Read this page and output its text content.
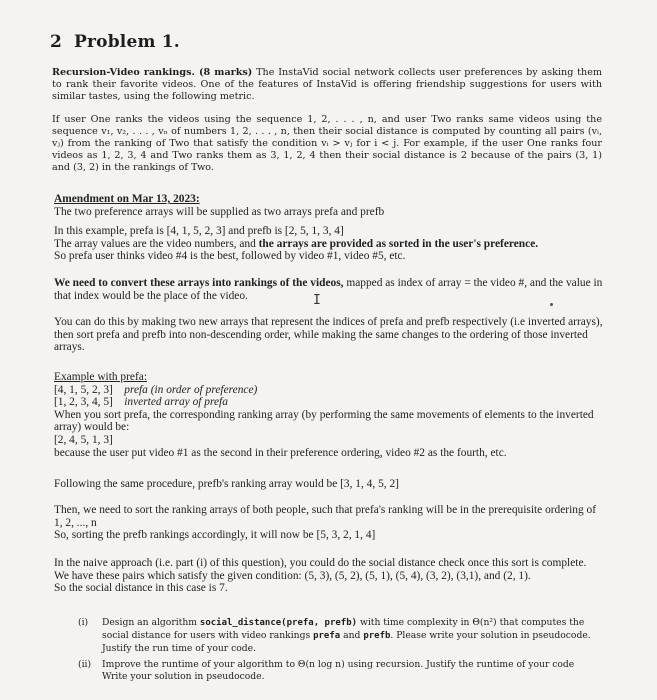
2 Problem 1.
Recursion-Video rankings. (8 marks) The InstaVid social network collects user preferences by asking them to rank their favorite videos. One of the features of InstaVid is offering friendship suggestions for users with similar tastes, using the following metric.
If user One ranks the videos using the sequence 1, 2, . . . , n, and user Two ranks same videos using the sequence v₁, v₂, . . . , vₙ of numbers 1, 2, . . . , n, then their social distance is computed by counting all pairs (vᵢ, vⱼ) from the ranking of Two that satisfy the condition vᵢ > vⱼ for i < j. For example, if the user One ranks four videos as 1, 2, 3, 4 and Two ranks them as 3, 1, 2, 4 then their social distance is 2 because of the pairs (3, 1) and (3, 2) in the rankings of Two.

Amendment on Mar 13, 2023:

The two preference arrays will be supplied as two arrays prefa and prefb

In this example, prefa is [4, 1, 5, 2, 3] and prefb is [2, 5, 1, 3, 4]

The array values are the video numbers, and the arrays are provided as sorted in the user's preference.

So prefa user thinks video #4 is the best, followed by video #1, video #5, etc.

We need to convert these arrays into rankings of the videos, mapped as index of array = the video #, and the value in that index would be the place of the video.	I

You can do this by making two new arrays that represent the indices of prefa and prefb respectively (i.e inverted arrays), then sort prefa and prefb into non-descending order, while making the same changes to the ordering of those inverted arrays.

Example with prefa:

[4, 1, 5, 2, 3] prefa (in order of preference)

[1, 2, 3, 4, 5] inverted array of prefa

When you sort prefa, the corresponding ranking array (by performing the same movements of elements to the inverted array) would be:

[2, 4, 5, 1, 3]

because the user put video #1 as the second in their preference ordering, video #2 as the fourth, etc.

Following the same procedure, prefb's ranking array would be [3, 1, 4, 5, 2]

Then, we need to sort the ranking arrays of both people, such that prefa's ranking will be in the prerequisite ordering of 1, 2, ..., n

So, sorting the prefb rankings accordingly, it will now be [5, 3, 2, 1, 4]

In the naive approach (i.e. part (i) of this question), you could do the social distance check once this sort is complete.

We have these pairs which satisfy the given condition: (5, 3), (5, 2), (5, 1), (5, 4), (3, 2), (3,1), and (2, 1).

So the social distance in this case is 7.

(i) Design an algorithm social_distance(prefa, prefb) with time complexity in Θ(n²) that computes the social distance for users with video rankings prefa and prefb. Please write your solution in pseudocode. Justify the run time of your code.
(ii) Improve the runtime of your algorithm to Θ(n log n) using recursion. Justify the runtime of your code Write your solution in pseudocode.
